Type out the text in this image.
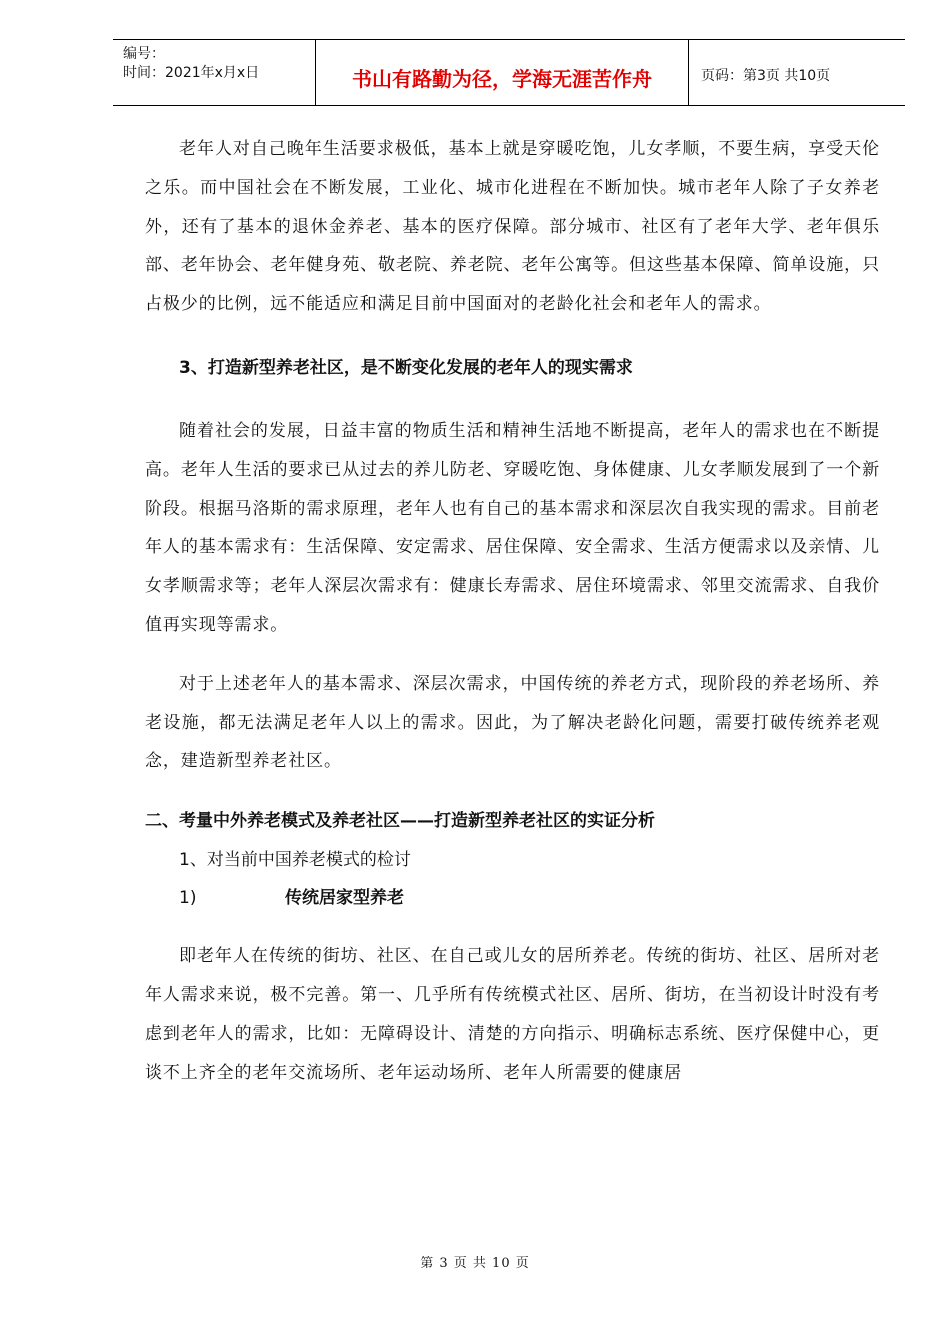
编号：
时间：2021年x月x日	书山有路勤为径，学海无涯苦作舟	页码：第3页 共10页

老年人对自己晚年生活要求极低，基本上就是穿暖吃饱，儿女孝顺，不要生病，享受天伦之乐。而中国社会在不断发展，工业化、城市化进程在不断加快。城市老年人除了子女养老外，还有了基本的退休金养老、基本的医疗保障。部分城市、社区有了老年大学、老年俱乐部、老年协会、老年健身苑、敬老院、养老院、老年公寓等。但这些基本保障、简单设施，只占极少的比例，远不能适应和满足目前中国面对的老龄化社会和老年人的需求。

3、打造新型养老社区，是不断变化发展的老年人的现实需求

随着社会的发展，日益丰富的物质生活和精神生活地不断提高，老年人的需求也在不断提高。老年人生活的要求已从过去的养儿防老、穿暖吃饱、身体健康、儿女孝顺发展到了一个新阶段。根据马洛斯的需求原理，老年人也有自己的基本需求和深层次自我实现的需求。目前老年人的基本需求有：生活保障、安定需求、居住保障、安全需求、生活方便需求以及亲情、儿女孝顺需求等；老年人深层次需求有：健康长寿需求、居住环境需求、邻里交流需求、自我价值再实现等需求。

对于上述老年人的基本需求、深层次需求，中国传统的养老方式，现阶段的养老场所、养老设施，都无法满足老年人以上的需求。因此，为了解决老龄化问题，需要打破传统养老观念，建造新型养老社区。

二、考量中外养老模式及养老社区——打造新型养老社区的实证分析

1、对当前中国养老模式的检讨

1)	传统居家型养老

即老年人在传统的街坊、社区、在自己或儿女的居所养老。传统的街坊、社区、居所对老年人需求来说，极不完善。第一、几乎所有传统模式社区、居所、街坊，在当初设计时没有考虑到老年人的需求，比如：无障碍设计、清楚的方向指示、明确标志系统、医疗保健中心，更谈不上齐全的老年交流场所、老年运动场所、老年人所需要的健康居

第 3 页 共 10 页
